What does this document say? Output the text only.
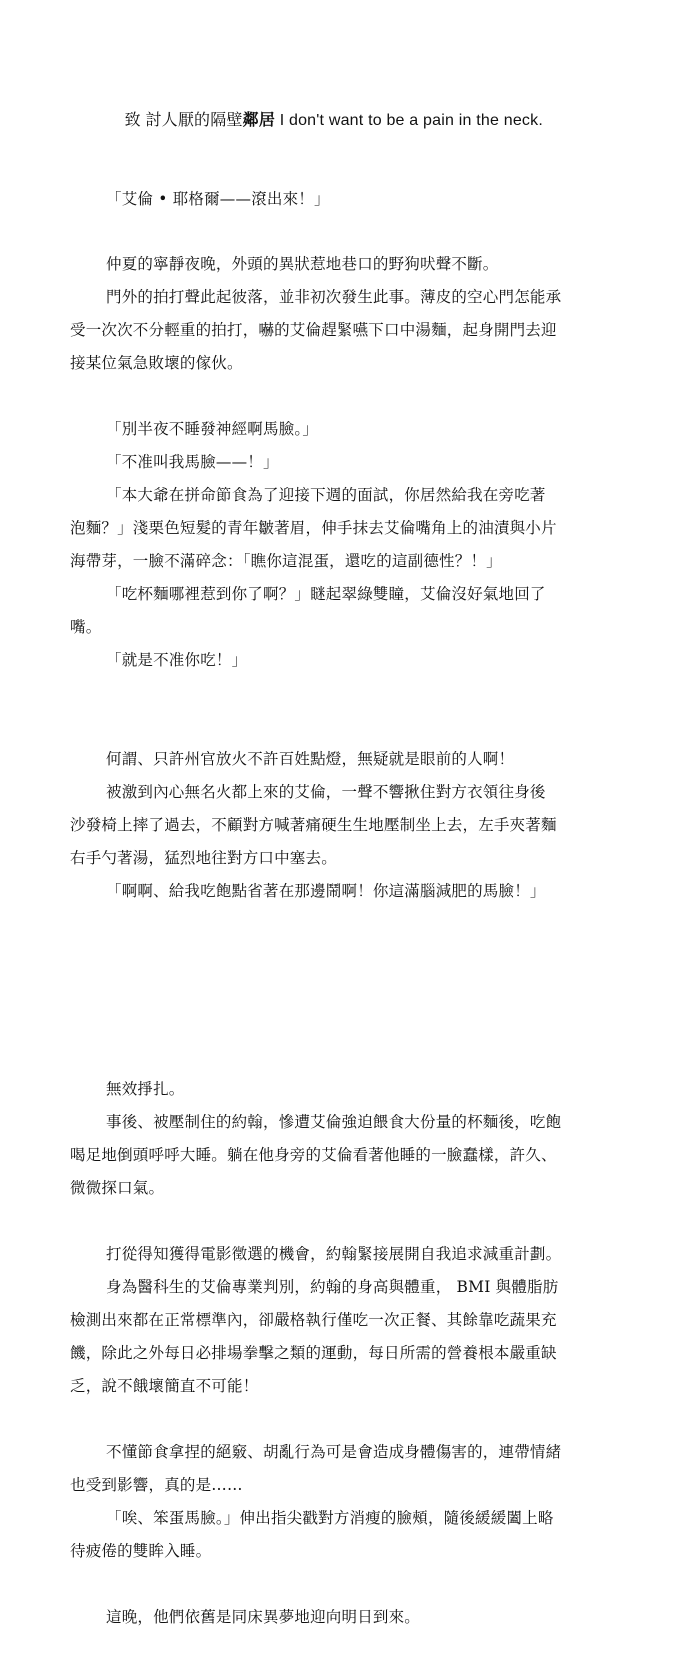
致 討人厭的隔壁鄰居 I don't want to be a pain in the neck.

「艾倫 • 耶格爾——滾出來！」
仲夏的寧靜夜晚，外頭的異狀惹地巷口的野狗吠聲不斷。
門外的拍打聲此起彼落，並非初次發生此事。薄皮的空心門怎能承
受一次次不分輕重的拍打，嚇的艾倫趕緊嚥下口中湯麵，起身開門去迎
接某位氣急敗壞的傢伙。
「別半夜不睡發神經啊馬臉。」
「不准叫我馬臉——！」
「本大爺在拼命節食為了迎接下週的面試，你居然給我在旁吃著
泡麵？」淺栗色短髮的青年皺著眉，伸手抹去艾倫嘴角上的油漬與小片
海帶芽，一臉不滿碎念：「瞧你這混蛋，還吃的這副德性？！」
「吃杯麵哪裡惹到你了啊？」瞇起翠綠雙瞳，艾倫沒好氣地回了
嘴。
「就是不准你吃！」
何謂、只許州官放火不許百姓點燈，無疑就是眼前的人啊！
被激到內心無名火都上來的艾倫，一聲不響揪住對方衣領往身後
沙發椅上摔了過去，不顧對方喊著痛硬生生地壓制坐上去，左手夾著麵
右手勺著湯，猛烈地往對方口中塞去。
「啊啊、給我吃飽點省著在那邊鬧啊！你這滿腦減肥的馬臉！」
無效掙扎。
事後、被壓制住的約翰，慘遭艾倫強迫餵食大份量的杯麵後，吃飽
喝足地倒頭呼呼大睡。躺在他身旁的艾倫看著他睡的一臉蠢樣，許久、
微微探口氣。
打從得知獲得電影徵選的機會，約翰緊接展開自我追求減重計劃。
身為醫科生的艾倫專業判別，約翰的身高與體重， BMI 與體脂肪
檢測出來都在正常標準內，卻嚴格執行僅吃一次正餐、其餘靠吃蔬果充
饑，除此之外每日必排場拳擊之類的運動，每日所需的營養根本嚴重缺
乏，說不餓壞簡直不可能！
不懂節食拿捏的絕竅、胡亂行為可是會造成身體傷害的，連帶情緒
也受到影響，真的是……
「唉、笨蛋馬臉。」伸出指尖戳對方消瘦的臉頰，隨後緩緩闔上略
待疲倦的雙眸入睡。
這晚，他們依舊是同床異夢地迎向明日到來。
